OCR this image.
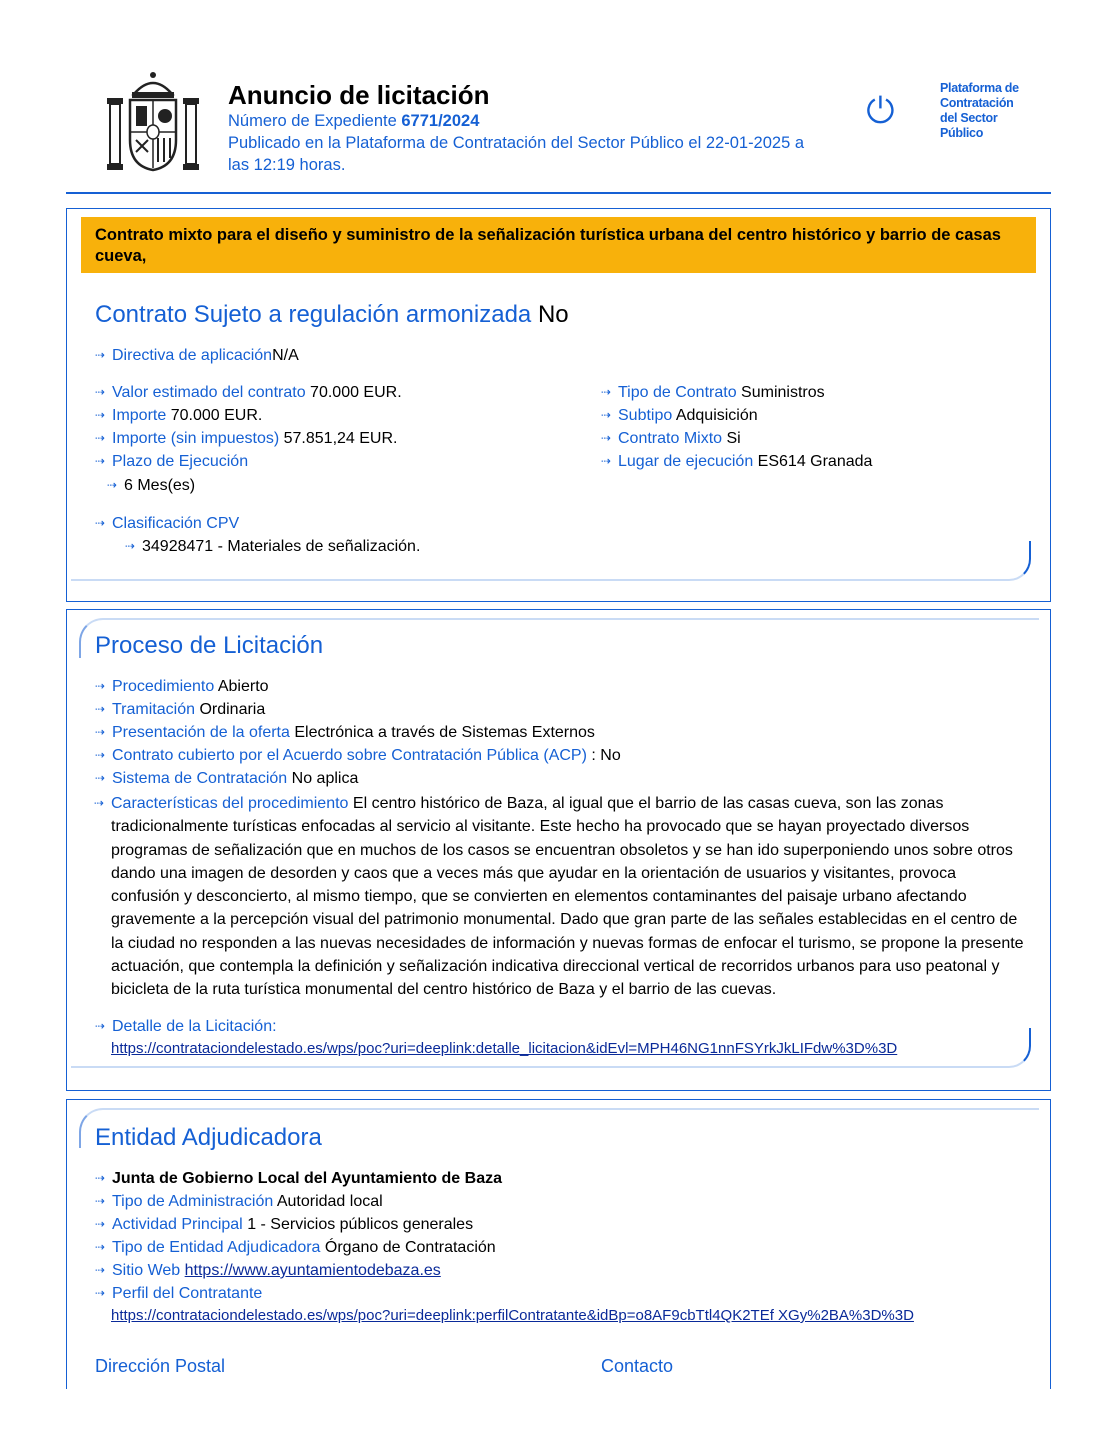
Anuncio de licitación
Número de Expediente 6771/2024
Publicado en la Plataforma de Contratación del Sector Público el 22-01-2025 a
las 12:19 horas.
Plataforma de
Contratación
del Sector
Público
Contrato mixto para el diseño y suministro de la señalización turística urbana del centro histórico y barrio de casas cueva,
Contrato Sujeto a regulación armonizada No
⇢ Directiva de aplicaciónN/A
⇢ Valor estimado del contrato 70.000 EUR.
⇢ Importe 70.000 EUR.
⇢ Importe (sin impuestos) 57.851,24 EUR.
⇢ Plazo de Ejecución
⇢ 6 Mes(es)
⇢ Tipo de Contrato Suministros
⇢ Subtipo Adquisición
⇢ Contrato Mixto Si
⇢ Lugar de ejecución ES614 Granada
⇢ Clasificación CPV
⇢ 34928471 - Materiales de señalización.
Proceso de Licitación
⇢ Procedimiento Abierto
⇢ Tramitación Ordinaria
⇢ Presentación de la oferta Electrónica a través de Sistemas Externos
⇢ Contrato cubierto por el Acuerdo sobre Contratación Pública (ACP) : No
⇢ Sistema de Contratación No aplica
⇢ Características del procedimiento El centro histórico de Baza, al igual que el barrio de las casas cueva, son las zonas tradicionalmente turísticas enfocadas al servicio al visitante. Este hecho ha provocado que se hayan proyectado diversos programas de señalización que en muchos de los casos se encuentran obsoletos y se han ido superponiendo unos sobre otros dando una imagen de desorden y caos que a veces más que ayudar en la orientación de usuarios y visitantes, provoca confusión y desconcierto, al mismo tiempo, que se convierten en elementos contaminantes del paisaje urbano afectando gravemente a la percepción visual del patrimonio monumental. Dado que gran parte de las señales establecidas en el centro de la ciudad no responden a las nuevas necesidades de información y nuevas formas de enfocar el turismo, se propone la presente actuación, que contempla la definición y señalización indicativa direccional vertical de recorridos urbanos para uso peatonal y bicicleta de la ruta turística monumental del centro histórico de Baza y el barrio de las cuevas.
⇢ Detalle de la Licitación:
https://contrataciondelestado.es/wps/poc?uri=deeplink:detalle_licitacion&idEvl=MPH46NG1nnFSYrkJkLIFdw%3D%3D
Entidad Adjudicadora
⇢ Junta de Gobierno Local del Ayuntamiento de Baza
⇢ Tipo de Administración Autoridad local
⇢ Actividad Principal 1 - Servicios públicos generales
⇢ Tipo de Entidad Adjudicadora Órgano de Contratación
⇢ Sitio Web https://www.ayuntamientodebaza.es
⇢ Perfil del Contratante
https://contrataciondelestado.es/wps/poc?uri=deeplink:perfilContratante&idBp=o8AF9cbTtl4QK2TEf XGy%2BA%3D%3D
Dirección Postal	Contacto
